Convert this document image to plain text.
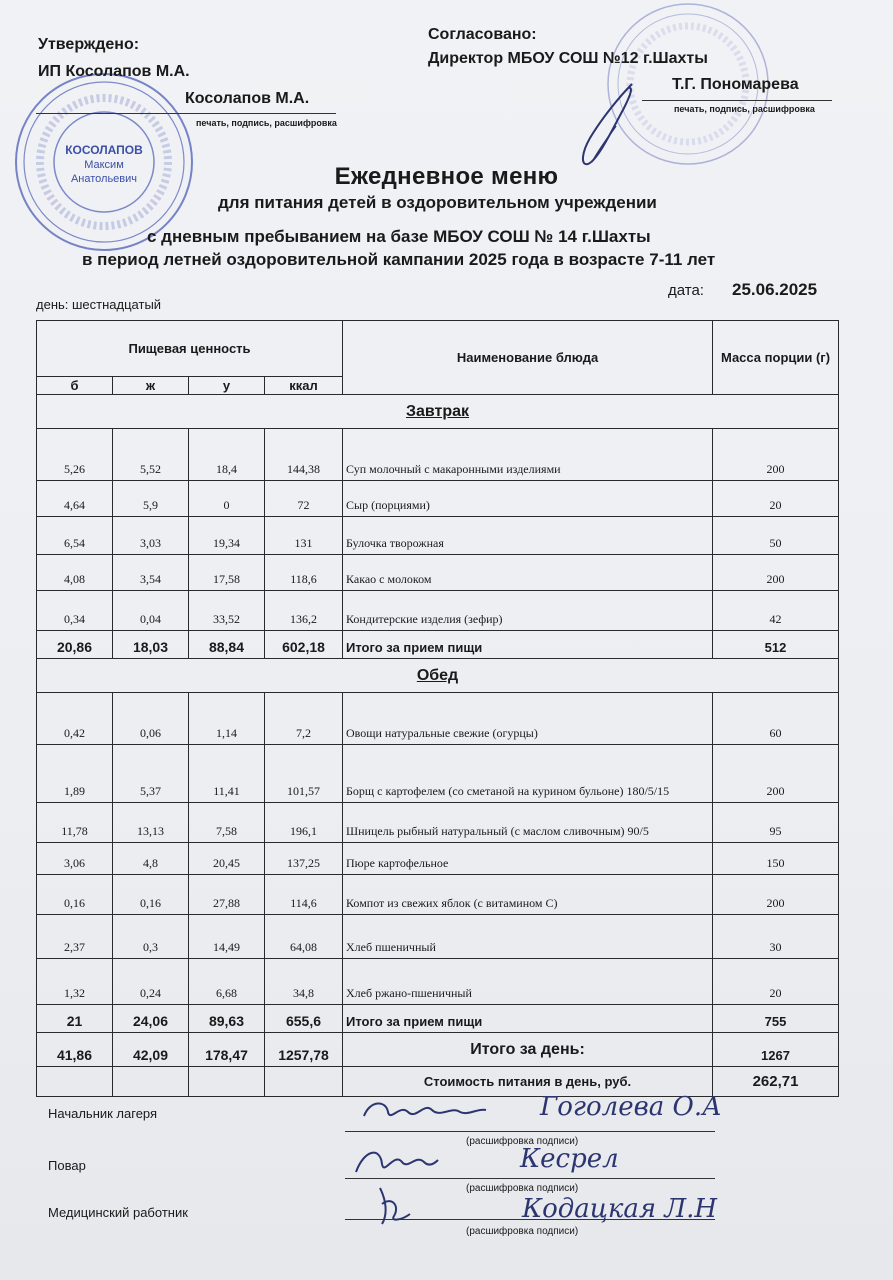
КОСОЛАПОВ
Максим
Анатольевич
Утверждено:
ИП Косолапов М.А.
Косолапов М.А.
печать, подпись, расшифровка
Согласовано:
Директор МБОУ СОШ №12 г.Шахты
Т.Г. Пономарева
печать, подпись, расшифровка
Ежедневное меню
для питания детей в оздоровительном учреждении
с дневным пребыванием на базе МБОУ СОШ № 14 г.Шахты
в период летней оздоровительной кампании 2025 года в возрасте 7-11 лет
день: шестнадцатый
дата: 25.06.2025
Пищевая ценность				Наименование блюда	Масса порции (г)
б	ж	у	ккал		
Завтрак					
5,26	5,52	18,4	144,38	Суп молочный с макаронными изделиями	200
4,64	5,9	0	72	Сыр (порциями)	20
6,54	3,03	19,34	131	Булочка творожная	50
4,08	3,54	17,58	118,6	Какао с молоком	200
0,34	0,04	33,52	136,2	Кондитерские изделия (зефир)	42
20,86	18,03	88,84	602,18	Итого за прием пищи	512
Обед					
0,42	0,06	1,14	7,2	Овощи натуральные свежие (огурцы)	60
1,89	5,37	11,41	101,57	Борщ с картофелем (со сметаной на курином бульоне) 180/5/15	200
11,78	13,13	7,58	196,1	Шницель рыбный натуральный (с маслом сливочным) 90/5	95
3,06	4,8	20,45	137,25	Пюре картофельное	150
0,16	0,16	27,88	114,6	Компот из свежих яблок (с витамином С)	200
2,37	0,3	14,49	64,08	Хлеб пшеничный	30
1,32	0,24	6,68	34,8	Хлеб ржано-пшеничный	20
21	24,06	89,63	655,6	Итого за прием пищи	755
41,86	42,09	178,47	1257,78	Итого за день:	1267
				Стоимость питания в день, руб.	262,71
Начальник лагеря	Гоголева О.А
(расшифровка подписи)
Повар	Кесрел
(расшифровка подписи)
Медицинский работник	Кодацкая Л.Н
(расшифровка подписи)
